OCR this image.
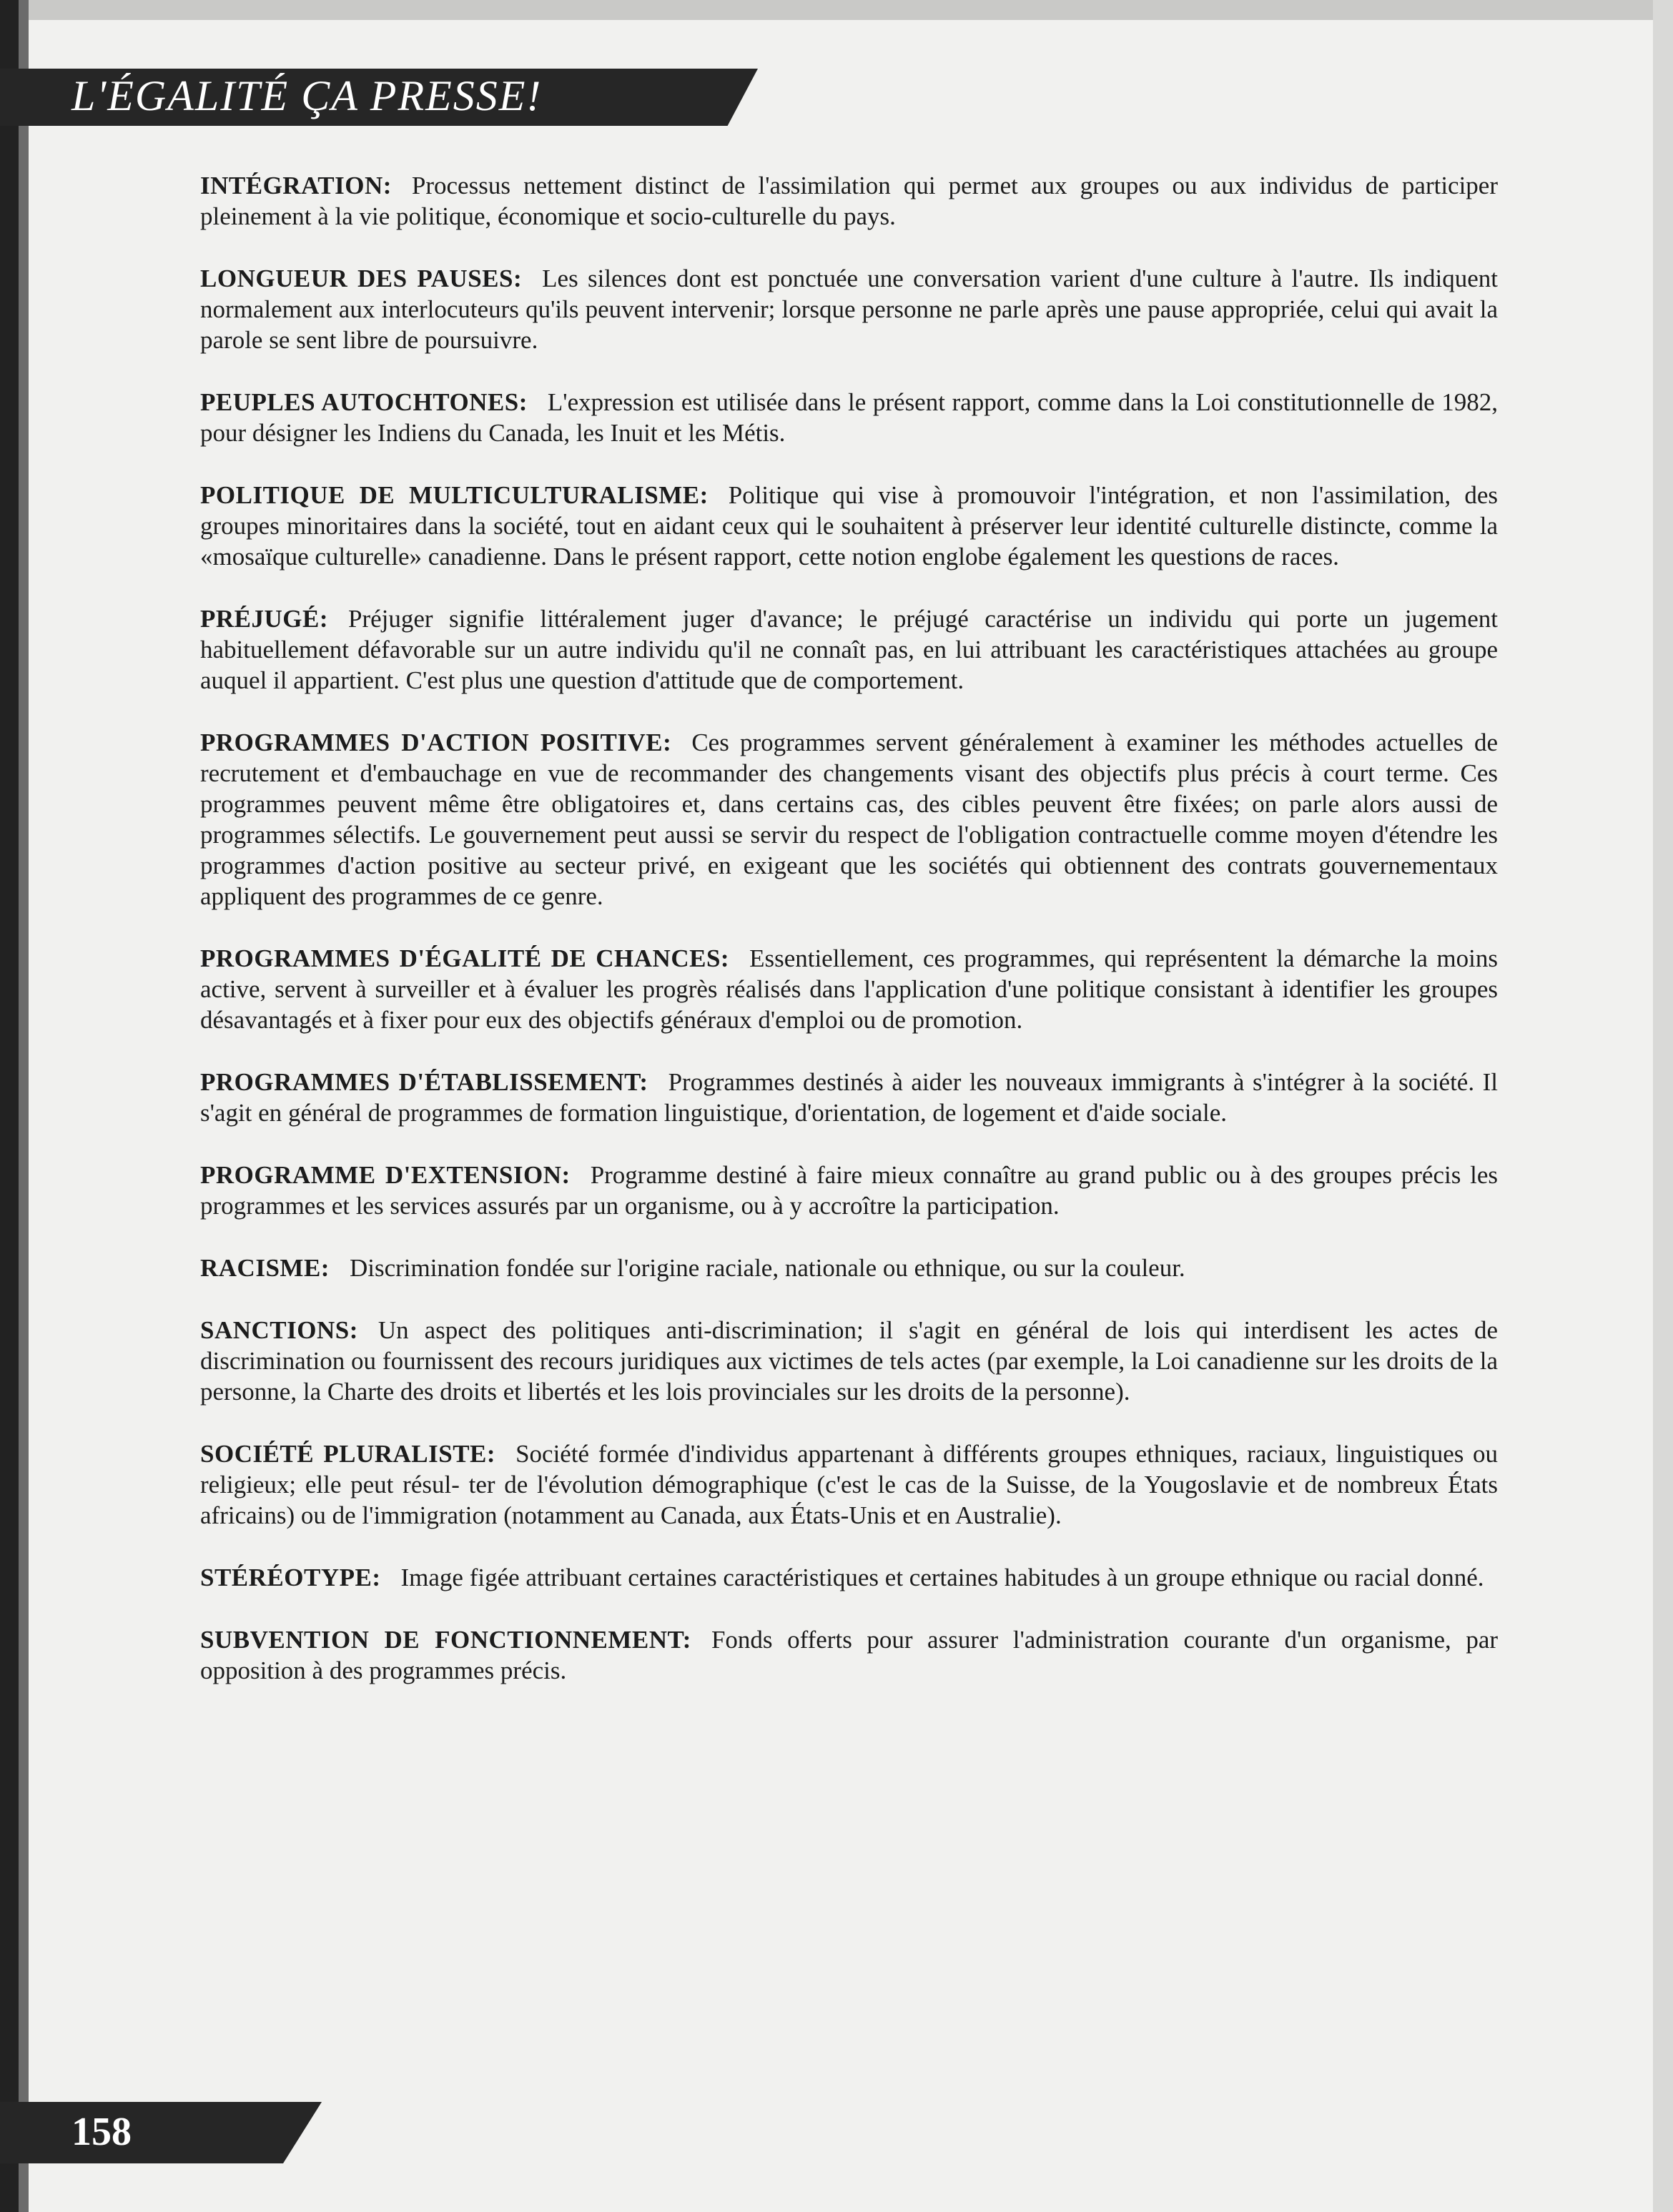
L'ÉGALITÉ ÇA PRESSE!

INTÉGRATION: Processus nettement distinct de l'assimilation qui permet aux groupes ou aux individus de participer pleinement à la vie politique, économique et socio-culturelle du pays.

LONGUEUR DES PAUSES: Les silences dont est ponctuée une conversation varient d'une culture à l'autre. Ils indiquent normalement aux interlocuteurs qu'ils peuvent intervenir; lorsque personne ne parle après une pause appropriée, celui qui avait la parole se sent libre de poursuivre.

PEUPLES AUTOCHTONES: L'expression est utilisée dans le présent rapport, comme dans la Loi constitutionnelle de 1982, pour désigner les Indiens du Canada, les Inuit et les Métis.

POLITIQUE DE MULTICULTURALISME: Politique qui vise à promouvoir l'intégration, et non l'assimilation, des groupes minoritaires dans la société, tout en aidant ceux qui le souhaitent à préserver leur identité culturelle distincte, comme la «mosaïque culturelle» canadienne. Dans le présent rapport, cette notion englobe également les questions de races.

PRÉJUGÉ: Préjuger signifie littéralement juger d'avance; le préjugé caractérise un individu qui porte un jugement habituellement défavorable sur un autre individu qu'il ne connaît pas, en lui attribuant les caractéristiques attachées au groupe auquel il appartient. C'est plus une question d'attitude que de comportement.

PROGRAMMES D'ACTION POSITIVE: Ces programmes servent généralement à examiner les méthodes actuelles de recrutement et d'embauchage en vue de recommander des changements visant des objectifs plus précis à court terme. Ces programmes peuvent même être obligatoires et, dans certains cas, des cibles peuvent être fixées; on parle alors aussi de programmes sélectifs. Le gouvernement peut aussi se servir du respect de l'obligation contractuelle comme moyen d'étendre les programmes d'action positive au secteur privé, en exigeant que les sociétés qui obtiennent des contrats gouvernementaux appliquent des programmes de ce genre.

PROGRAMMES D'ÉGALITÉ DE CHANCES: Essentiellement, ces programmes, qui représentent la démarche la moins active, servent à surveiller et à évaluer les progrès réalisés dans l'application d'une politique consistant à identifier les groupes désavantagés et à fixer pour eux des objectifs généraux d'emploi ou de promotion.

PROGRAMMES D'ÉTABLISSEMENT: Programmes destinés à aider les nouveaux immigrants à s'intégrer à la société. Il s'agit en général de programmes de formation linguistique, d'orientation, de logement et d'aide sociale.

PROGRAMME D'EXTENSION: Programme destiné à faire mieux connaître au grand public ou à des groupes précis les programmes et les services assurés par un organisme, ou à y accroître la participation.

RACISME: Discrimination fondée sur l'origine raciale, nationale ou ethnique, ou sur la couleur.

SANCTIONS: Un aspect des politiques anti-discrimination; il s'agit en général de lois qui interdisent les actes de discrimination ou fournissent des recours juridiques aux victimes de tels actes (par exemple, la Loi canadienne sur les droits de la personne, la Charte des droits et libertés et les lois provinciales sur les droits de la personne).

SOCIÉTÉ PLURALISTE: Société formée d'individus appartenant à différents groupes ethniques, raciaux, linguistiques ou religieux; elle peut résul- ter de l'évolution démographique (c'est le cas de la Suisse, de la Yougoslavie et de nombreux États africains) ou de l'immigration (notamment au Canada, aux États-Unis et en Australie).

STÉRÉOTYPE: Image figée attribuant certaines caractéristiques et certaines habitudes à un groupe ethnique ou racial donné.

SUBVENTION DE FONCTIONNEMENT: Fonds offerts pour assurer l'administration courante d'un organisme, par opposition à des programmes précis.

158
